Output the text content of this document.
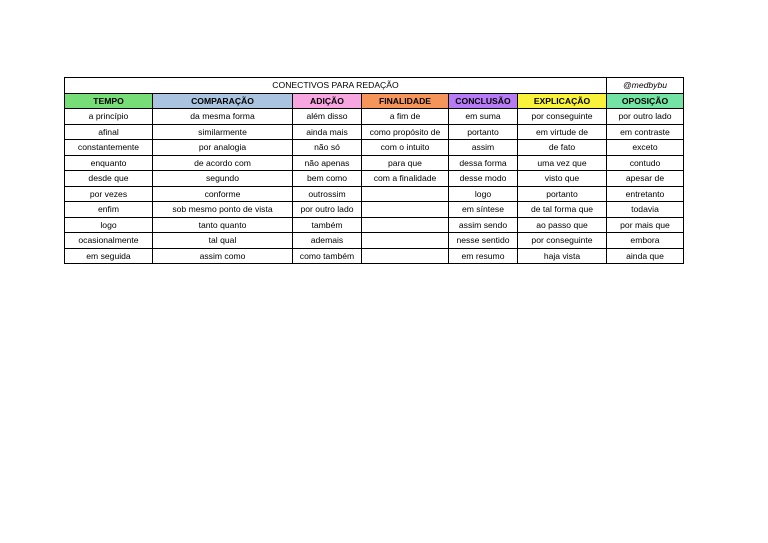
CONECTIVOS PARA REDAÇÃO						@medbybu
TEMPO	COMPARAÇÃO	ADIÇÃO	FINALIDADE	CONCLUSÃO	EXPLICAÇÃO	OPOSIÇÃO
a princípio	da mesma forma	além disso	a fim de	em suma	por conseguinte	por outro lado
afinal	similarmente	ainda mais	como propósito de	portanto	em virtude de	em contraste
constantemente	por analogia	não só	com o intuito	assim	de fato	exceto
enquanto	de acordo com	não apenas	para que	dessa forma	uma vez que	contudo
desde que	segundo	bem como	com a finalidade	desse modo	visto que	apesar de
por vezes	conforme	outrossim		logo	portanto	entretanto
enfim	sob mesmo ponto de vista	por outro lado		em síntese	de tal forma que	todavia
logo	tanto quanto	também		assim sendo	ao passo que	por mais que
ocasionalmente	tal qual	ademais		nesse sentido	por conseguinte	embora
em seguida	assim como	como também		em resumo	haja vista	ainda que
